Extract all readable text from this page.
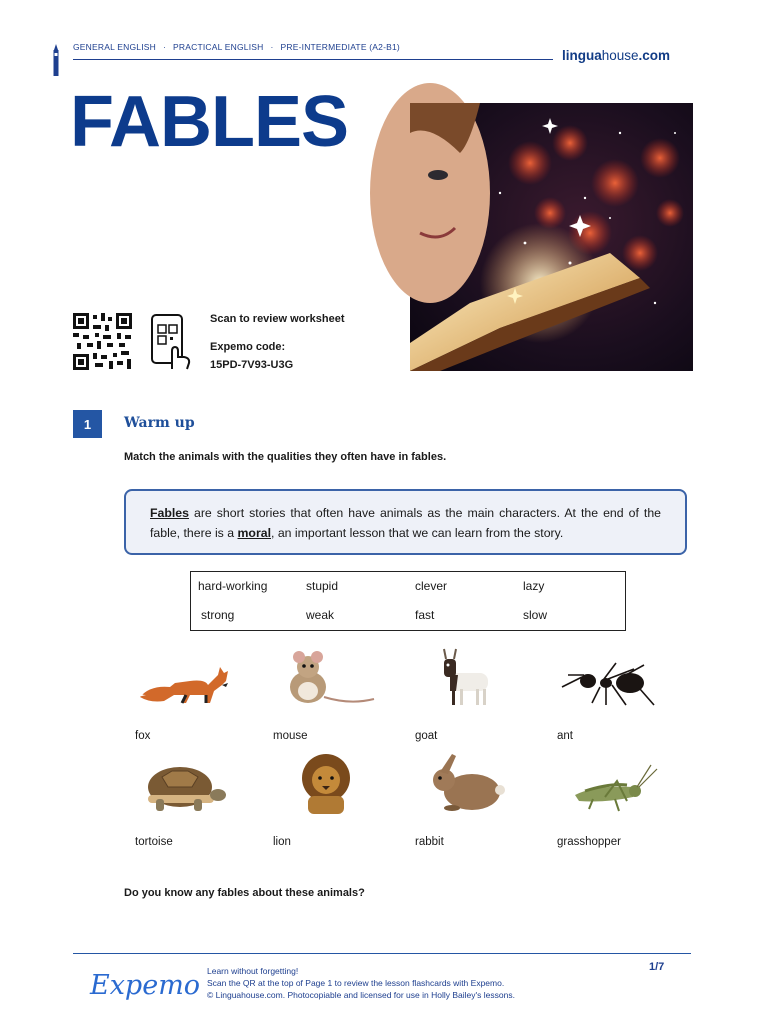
GENERAL ENGLISH · PRACTICAL ENGLISH · PRE-INTERMEDIATE (A2-B1)
linguahouse.com
FABLES
Scan to review worksheet
Expemo code:
15PD-7V93-U3G
1	Warm up
Match the animals with the qualities they often have in fables.
Fables are short stories that often have animals as the main characters. At the end of the fable, there is a moral, an important lesson that we can learn from the story.
hard-working	stupid	clever	lazy
strong	weak	fast	slow
fox	mouse	goat	ant
tortoise	lion	rabbit	grasshopper
Do you know any fables about these animals?
Expemo Learn without forgetting!
Scan the QR at the top of Page 1 to review the lesson flashcards with Expemo.
© Linguahouse.com. Photocopiable and licensed for use in Holly Bailey's lessons.
1/7
